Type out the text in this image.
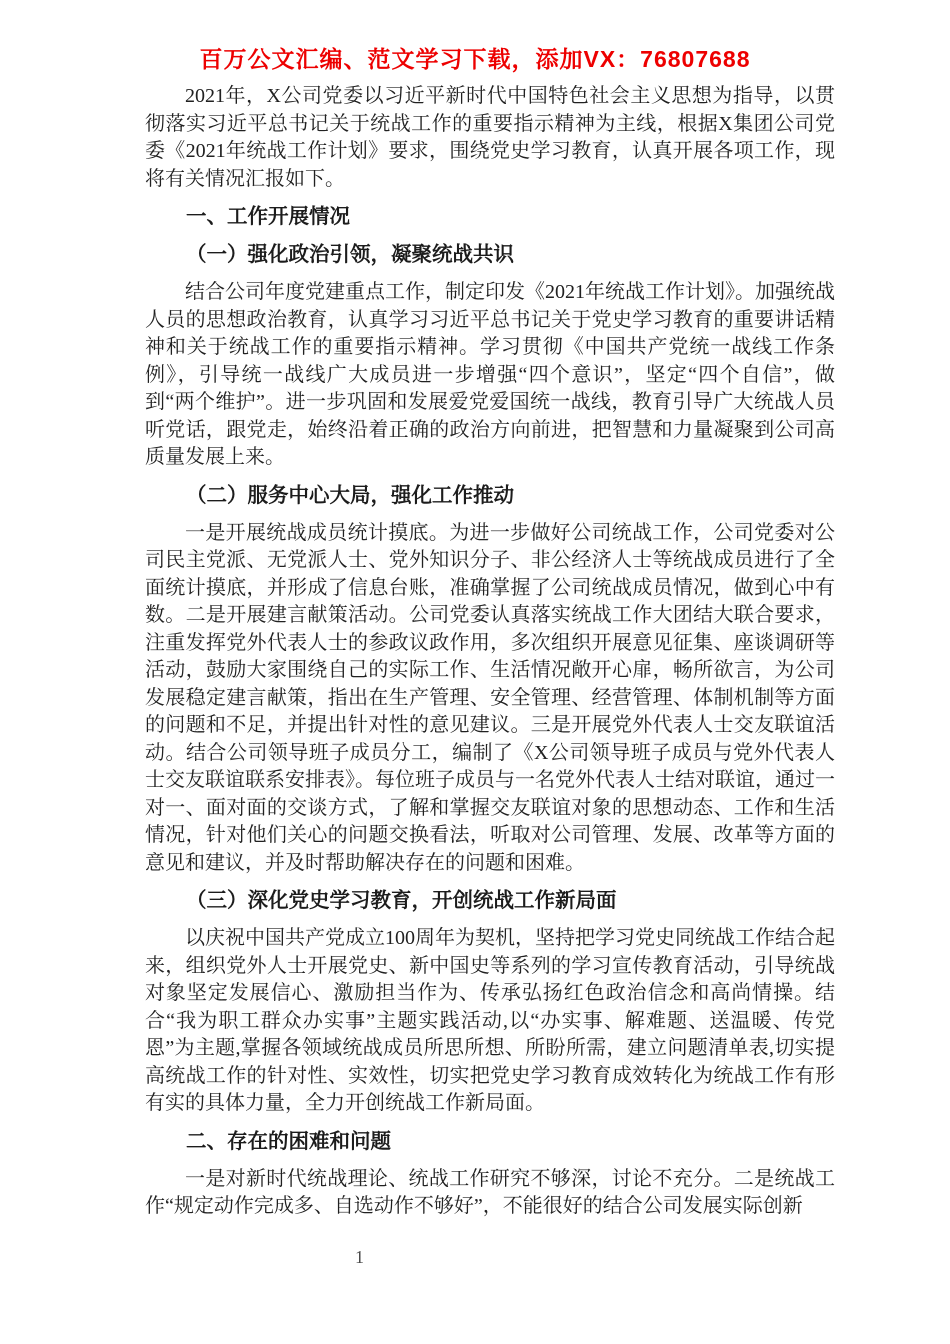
百万公文汇编、范文学习下载，添加VX：76807688

2021年，X公司党委以习近平新时代中国特色社会主义思想为指导，以贯彻落实习近平总书记关于统战工作的重要指示精神为主线，根据X集团公司党委《2021年统战工作计划》要求，围绕党史学习教育，认真开展各项工作，现将有关情况汇报如下。

一、工作开展情况

（一）强化政治引领，凝聚统战共识

结合公司年度党建重点工作，制定印发《2021年统战工作计划》。加强统战人员的思想政治教育，认真学习习近平总书记关于党史学习教育的重要讲话精神和关于统战工作的重要指示精神。学习贯彻《中国共产党统一战线工作条例》，引导统一战线广大成员进一步增强“四个意识”，坚定“四个自信”，做到“两个维护”。进一步巩固和发展爱党爱国统一战线，教育引导广大统战人员听党话，跟党走，始终沿着正确的政治方向前进，把智慧和力量凝聚到公司高质量发展上来。

（二）服务中心大局，强化工作推动

一是开展统战成员统计摸底。为进一步做好公司统战工作，公司党委对公司民主党派、无党派人士、党外知识分子、非公经济人士等统战成员进行了全面统计摸底，并形成了信息台账，准确掌握了公司统战成员情况，做到心中有数。二是开展建言献策活动。公司党委认真落实统战工作大团结大联合要求，注重发挥党外代表人士的参政议政作用，多次组织开展意见征集、座谈调研等活动，鼓励大家围绕自己的实际工作、生活情况敞开心扉，畅所欲言，为公司发展稳定建言献策，指出在生产管理、安全管理、经营管理、体制机制等方面的问题和不足，并提出针对性的意见建议。三是开展党外代表人士交友联谊活动。结合公司领导班子成员分工，编制了《X公司领导班子成员与党外代表人士交友联谊联系安排表》。每位班子成员与一名党外代表人士结对联谊，通过一对一、面对面的交谈方式，了解和掌握交友联谊对象的思想动态、工作和生活情况，针对他们关心的问题交换看法，听取对公司管理、发展、改革等方面的意见和建议，并及时帮助解决存在的问题和困难。

（三）深化党史学习教育，开创统战工作新局面

以庆祝中国共产党成立100周年为契机，坚持把学习党史同统战工作结合起来，组织党外人士开展党史、新中国史等系列的学习宣传教育活动，引导统战对象坚定发展信心、激励担当作为、传承弘扬红色政治信念和高尚情操。结合“我为职工群众办实事”主题实践活动,以“办实事、解难题、送温暖、传党恩”为主题,掌握各领域统战成员所思所想、所盼所需，建立问题清单表,切实提高统战工作的针对性、实效性，切实把党史学习教育成效转化为统战工作有形有实的具体力量，全力开创统战工作新局面。

二、存在的困难和问题

一是对新时代统战理论、统战工作研究不够深，讨论不充分。二是统战工作“规定动作完成多、自选动作不够好”，不能很好的结合公司发展实际创新

1
